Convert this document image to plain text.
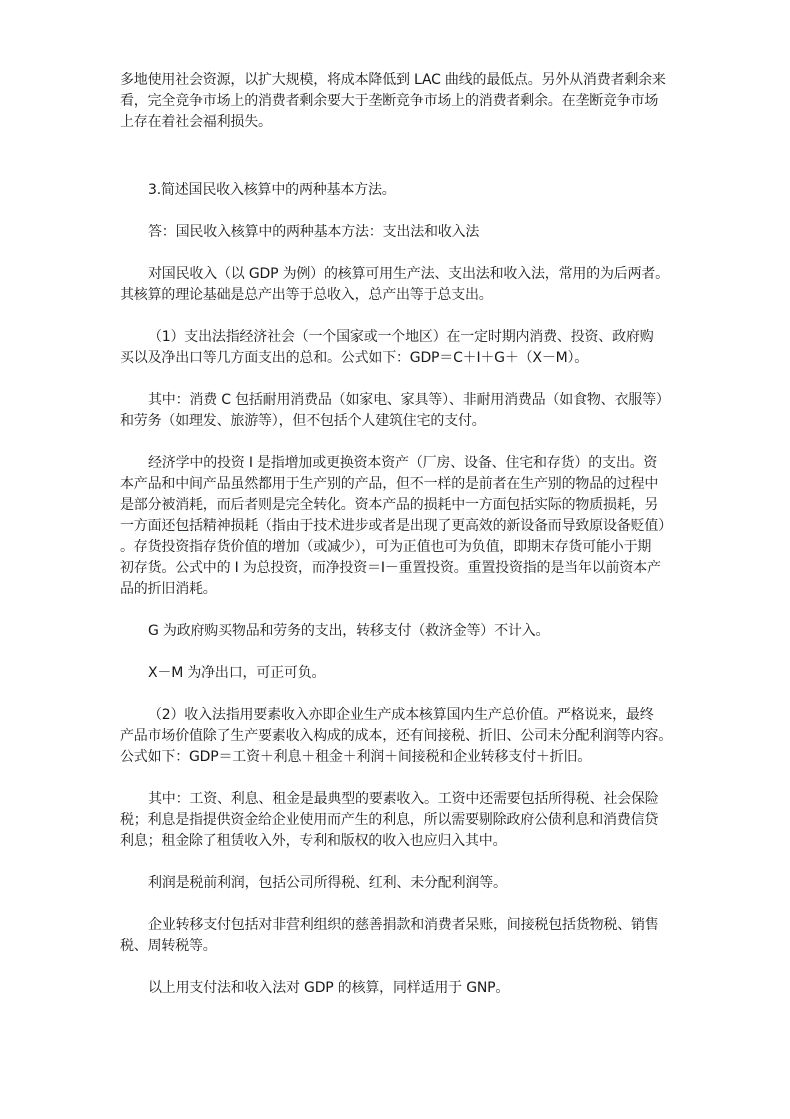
多地使用社会资源，以扩大规模，将成本降低到 LAC 曲线的最低点。另外从消费者剩余来
看，完全竞争市场上的消费者剩余要大于垄断竞争市场上的消费者剩余。在垄断竞争市场
上存在着社会福利损失。
3.简述国民收入核算中的两种基本方法。
答：国民收入核算中的两种基本方法：支出法和收入法
对国民收入（以 GDP 为例）的核算可用生产法、支出法和收入法，常用的为后两者。
其核算的理论基础是总产出等于总收入，总产出等于总支出。
（1）支出法指经济社会（一个国家或一个地区）在一定时期内消费、投资、政府购
买以及净出口等几方面支出的总和。公式如下：GDP＝C＋I＋G＋（X－M）。
其中：消费 C 包括耐用消费品（如家电、家具等）、非耐用消费品（如食物、衣服等）
和劳务（如理发、旅游等），但不包括个人建筑住宅的支付。
经济学中的投资 I 是指增加或更换资本资产（厂房、设备、住宅和存货）的支出。资
本产品和中间产品虽然都用于生产别的产品，但不一样的是前者在生产别的物品的过程中
是部分被消耗，而后者则是完全转化。资本产品的损耗中一方面包括实际的物质损耗，另
一方面还包括精神损耗（指由于技术进步或者是出现了更高效的新设备而导致原设备贬值）
。存货投资指存货价值的增加（或减少），可为正值也可为负值，即期末存货可能小于期
初存货。公式中的 I 为总投资，而净投资＝I－重置投资。重置投资指的是当年以前资本产
品的折旧消耗。
G 为政府购买物品和劳务的支出，转移支付（救济金等）不计入。
X－M 为净出口，可正可负。
（2）收入法指用要素收入亦即企业生产成本核算国内生产总价值。严格说来，最终
产品市场价值除了生产要素收入构成的成本，还有间接税、折旧、公司未分配利润等内容。
公式如下：GDP＝工资＋利息＋租金＋利润＋间接税和企业转移支付＋折旧。
其中：工资、利息、租金是最典型的要素收入。工资中还需要包括所得税、社会保险
税；利息是指提供资金给企业使用而产生的利息，所以需要剔除政府公债利息和消费信贷
利息；租金除了租赁收入外，专利和版权的收入也应归入其中。
利润是税前利润，包括公司所得税、红利、未分配利润等。
企业转移支付包括对非营利组织的慈善捐款和消费者呆账，间接税包括货物税、销售
税、周转税等。
以上用支付法和收入法对 GDP 的核算，同样适用于 GNP。
